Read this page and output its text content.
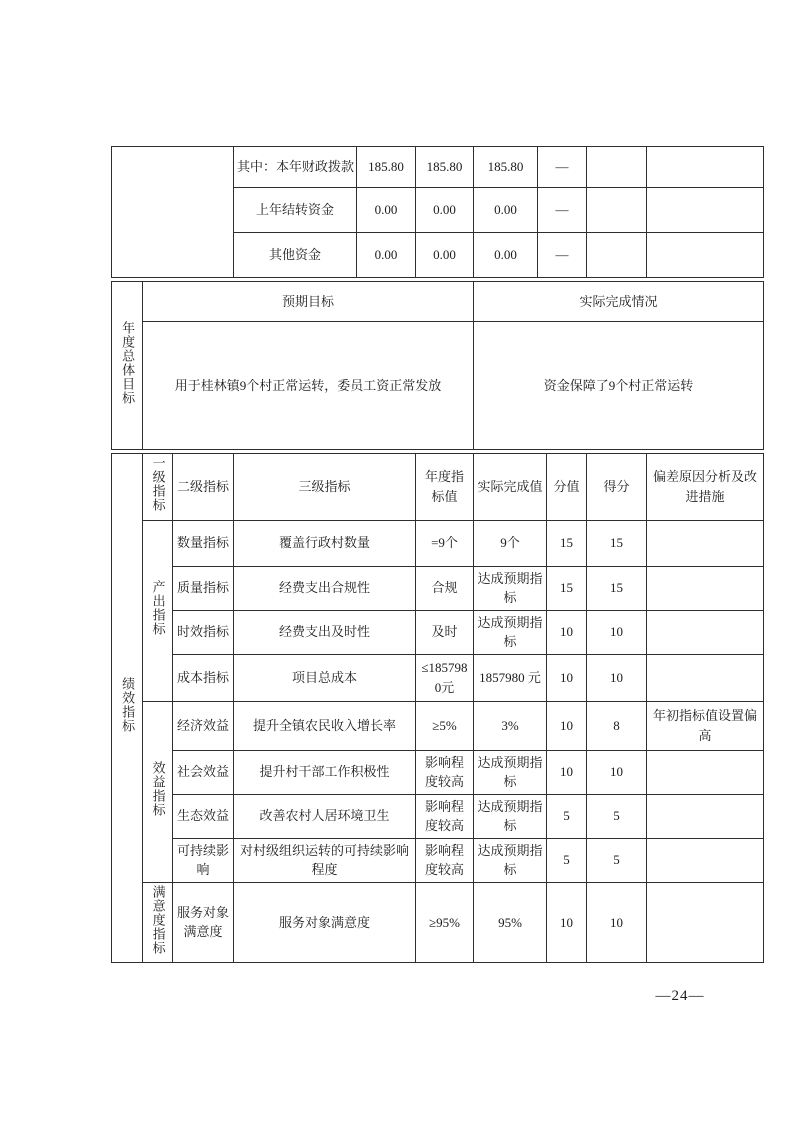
	其中：本年财政拨款	185.80	185.80	185.80	—		
	上年结转资金	0.00	0.00	0.00	—		
	其他资金	0.00	0.00	0.00	—		
年度总体目标	预期目标	实际完成情况
	用于桂林镇9个村正常运转，委员工资正常发放	资金保障了9个村正常运转
绩效指标	一级指标	二级指标	三级指标	年度指标值	实际完成值	分值	得分	偏差原因分析及改进措施
	产出指标	数量指标	覆盖行政村数量	=9个	9个	15	15	
		质量指标	经费支出合规性	合规	达成预期指标	15	15	
		时效指标	经费支出及时性	及时	达成预期指标	10	10	
		成本指标	项目总成本	≤1857980元	1857980 元	10	10	
	效益指标	经济效益	提升全镇农民收入增长率	≥5%	3%	10	8	年初指标值设置偏高
		社会效益	提升村干部工作积极性	影响程度较高	达成预期指标	10	10	
		生态效益	改善农村人居环境卫生	影响程度较高	达成预期指标	5	5	
		可持续影响	对村级组织运转的可持续影响程度	影响程度较高	达成预期指标	5	5	
	满意度指标	服务对象满意度	服务对象满意度	≥95%	95%	10	10	
—24—
